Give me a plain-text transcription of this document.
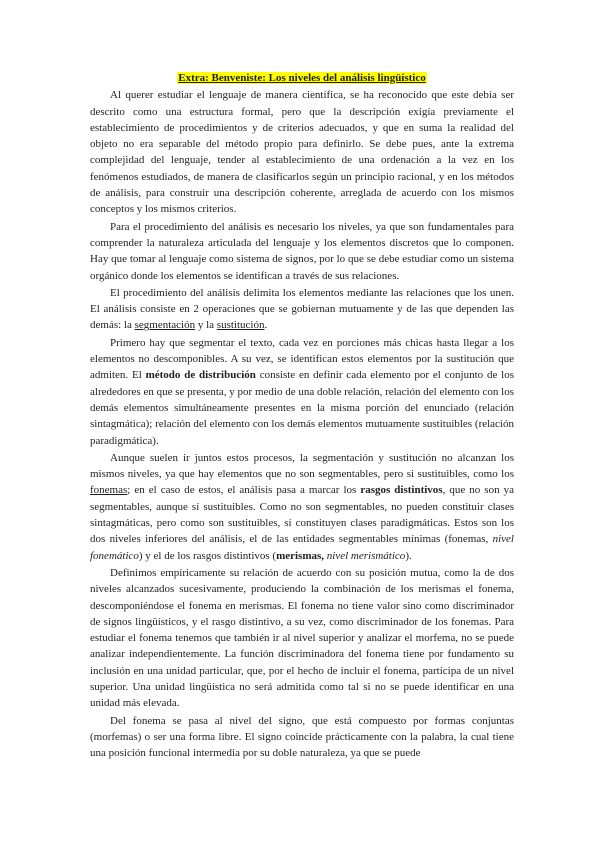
Extra: Benveniste: Los niveles del análisis lingüístico

Al querer estudiar el lenguaje de manera científica, se ha reconocido que este debía ser descrito como una estructura formal, pero que la descripción exigía previamente el establecimiento de procedimientos y de criterios adecuados, y que en suma la realidad del objeto no era separable del método propio para definirlo. Se debe pues, ante la extrema complejidad del lenguaje, tender al establecimiento de una ordenación a la vez en los fenómenos estudiados, de manera de clasificarlos según un principio racional, y en los métodos de análisis, para construir una descripción coherente, arreglada de acuerdo con los mismos conceptos y los mismos criterios.

Para el procedimiento del análisis es necesario los niveles, ya que son fundamentales para comprender la naturaleza articulada del lenguaje y los elementos discretos que lo componen. Hay que tomar al lenguaje como sistema de signos, por lo que se debe estudiar como un sistema orgánico donde los elementos se identifican a través de sus relaciones.

El procedimiento del análisis delimita los elementos mediante las relaciones que los unen. El análisis consiste en 2 operaciones que se gobiernan mutuamente y de las que dependen las demás: la segmentación y la sustitución.

Primero hay que segmentar el texto, cada vez en porciones más chicas hasta llegar a los elementos no descomponibles. A su vez, se identifican estos elementos por la sustitución que admiten. El método de distribución consiste en definir cada elemento por el conjunto de los alrededores en que se presenta, y por medio de una doble relación, relación del elemento con los demás elementos simultáneamente presentes en la misma porción del enunciado (relación sintagmática); relación del elemento con los demás elementos mutuamente sustituibles (relación paradigmática).

Aunque suelen ir juntos estos procesos, la segmentación y sustitución no alcanzan los mismos niveles, ya que hay elementos que no son segmentables, pero si sustituibles, como los fonemas; en el caso de estos, el análisis pasa a marcar los rasgos distintivos, que no son ya segmentables, aunque sí sustituibles. Como no son segmentables, no pueden constituir clases sintagmáticas, pero como son sustituibles, sí constituyen clases paradigmáticas. Estos son los dos niveles inferiores del análisis, el de las entidades segmentables mínimas (fonemas, nivel fonemático) y el de los rasgos distintivos (merismas, nivel merismático).

Definimos empíricamente su relación de acuerdo con su posición mutua, como la de dos niveles alcanzados sucesivamente, produciendo la combinación de los merismas el fonema, descomponiéndose el fonema en merismas. El fonema no tiene valor sino como discriminador de signos lingüísticos, y el rasgo distintivo, a su vez, como discriminador de los fonemas. Para estudiar el fonema tenemos que también ir al nivel superior y analizar el morfema, no se puede analizar independientemente. La función discriminadora del fonema tiene por fundamento su inclusión en una unidad particular, que, por el hecho de incluir el fonema, participa de un nivel superior. Una unidad lingüística no será admitida como tal si no se puede identificar en una unidad más elevada.

Del fonema se pasa al nivel del signo, que está compuesto por formas conjuntas (morfemas) o ser una forma libre. El signo coincide prácticamente con la palabra, la cual tiene una posición funcional intermedia por su doble naturaleza, ya que se puede
